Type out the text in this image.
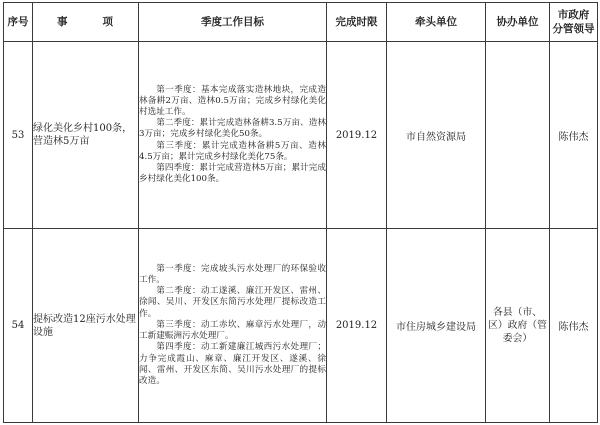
序号	事 项	季度工作目标	完成时限	牵头单位	协办单位	市政府
分管领导
53	绿化美化乡村100条，营造林5万亩	第一季度：基本完成落实造林地块，完成造林备耕2万亩、造林0.5万亩；完成乡村绿化美化村选址工作。

第二季度：累计完成造林备耕3.5万亩、造林3万亩；完成乡村绿化美化50条。

第三季度：累计完成造林备耕5万亩、造林4.5万亩；累计完成乡村绿化美化75条。

第四季度：累计完成营造林5万亩；累计完成乡村绿化美化100条。	2019.12	市自然资源局		陈伟杰
54	提标改造12座污水处理设施	第一季度：完成坡头污水处理厂的环保验收工作。

第二季度：动工遂溪、廉江开发区、雷州、徐闻、吴川、开发区东简污水处理厂提标改造工作。

第三季度：动工赤坎、麻章污水处理厂，动工新建赈洲污水处理厂。

第四季度：动工新建廉江城西污水处理厂；力争完成霞山、麻章、廉江开发区、遂溪、徐闻、雷州、开发区东简、吴川污水处理厂的提标改造。	2019.12	市住房城乡建设局	各县（市、区）政府（管委会）	陈伟杰
